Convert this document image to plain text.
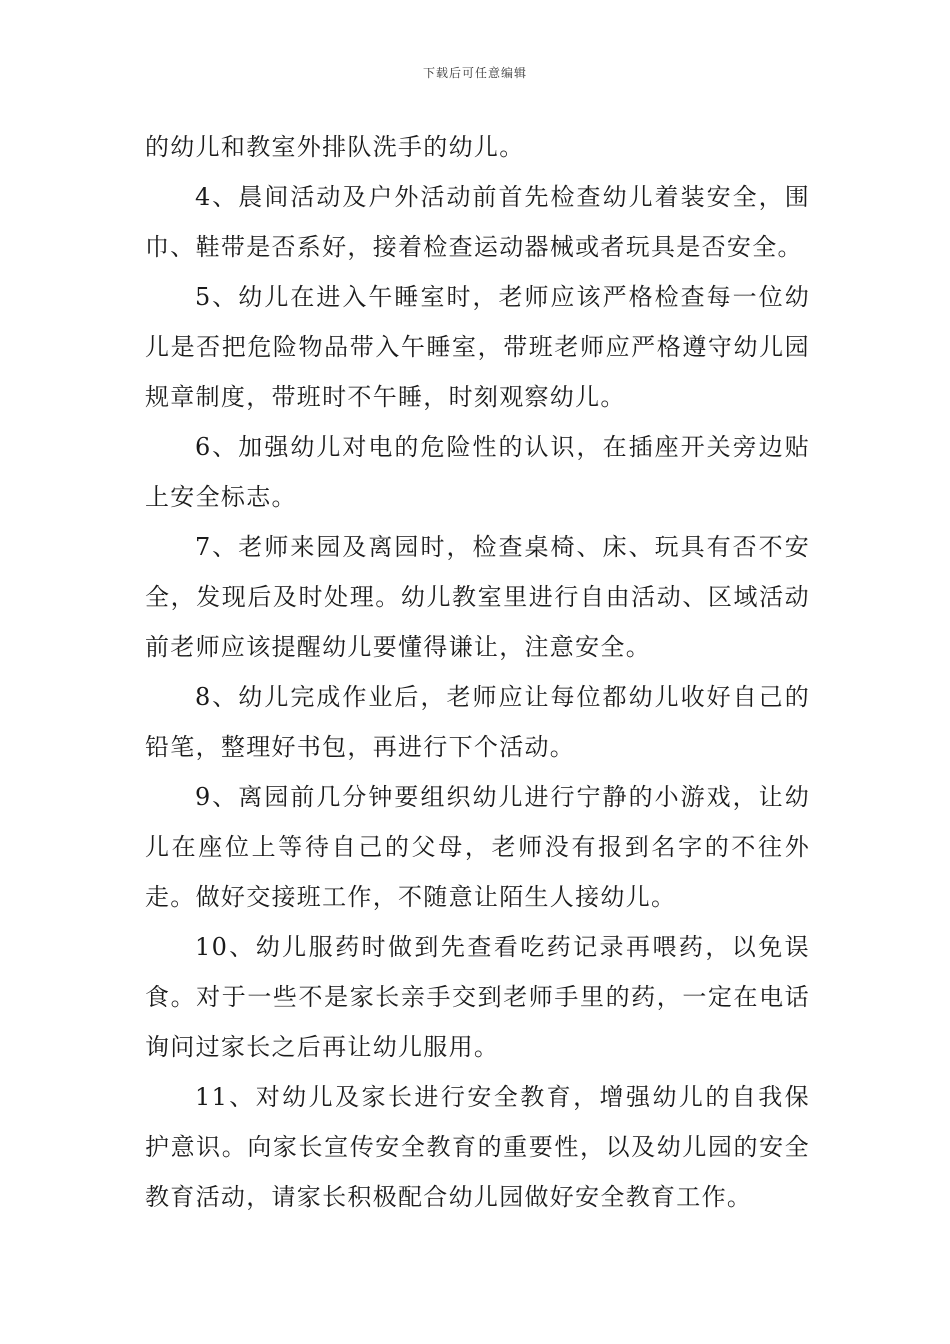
下载后可任意编辑

的幼儿和教室外排队洗手的幼儿。

4、晨间活动及户外活动前首先检查幼儿着装安全，围巾、鞋带是否系好，接着检查运动器械或者玩具是否安全。

5、幼儿在进入午睡室时，老师应该严格检查每一位幼儿是否把危险物品带入午睡室，带班老师应严格遵守幼儿园规章制度，带班时不午睡，时刻观察幼儿。

6、加强幼儿对电的危险性的认识，在插座开关旁边贴上安全标志。

7、老师来园及离园时，检查桌椅、床、玩具有否不安全，发现后及时处理。幼儿教室里进行自由活动、区域活动前老师应该提醒幼儿要懂得谦让，注意安全。

8、幼儿完成作业后，老师应让每位都幼儿收好自己的铅笔，整理好书包，再进行下个活动。

9、离园前几分钟要组织幼儿进行宁静的小游戏，让幼儿在座位上等待自己的父母，老师没有报到名字的不往外走。做好交接班工作，不随意让陌生人接幼儿。

10、幼儿服药时做到先查看吃药记录再喂药，以免误食。对于一些不是家长亲手交到老师手里的药，一定在电话询问过家长之后再让幼儿服用。

11、对幼儿及家长进行安全教育，增强幼儿的自我保护意识。向家长宣传安全教育的重要性，以及幼儿园的安全教育活动，请家长积极配合幼儿园做好安全教育工作。
